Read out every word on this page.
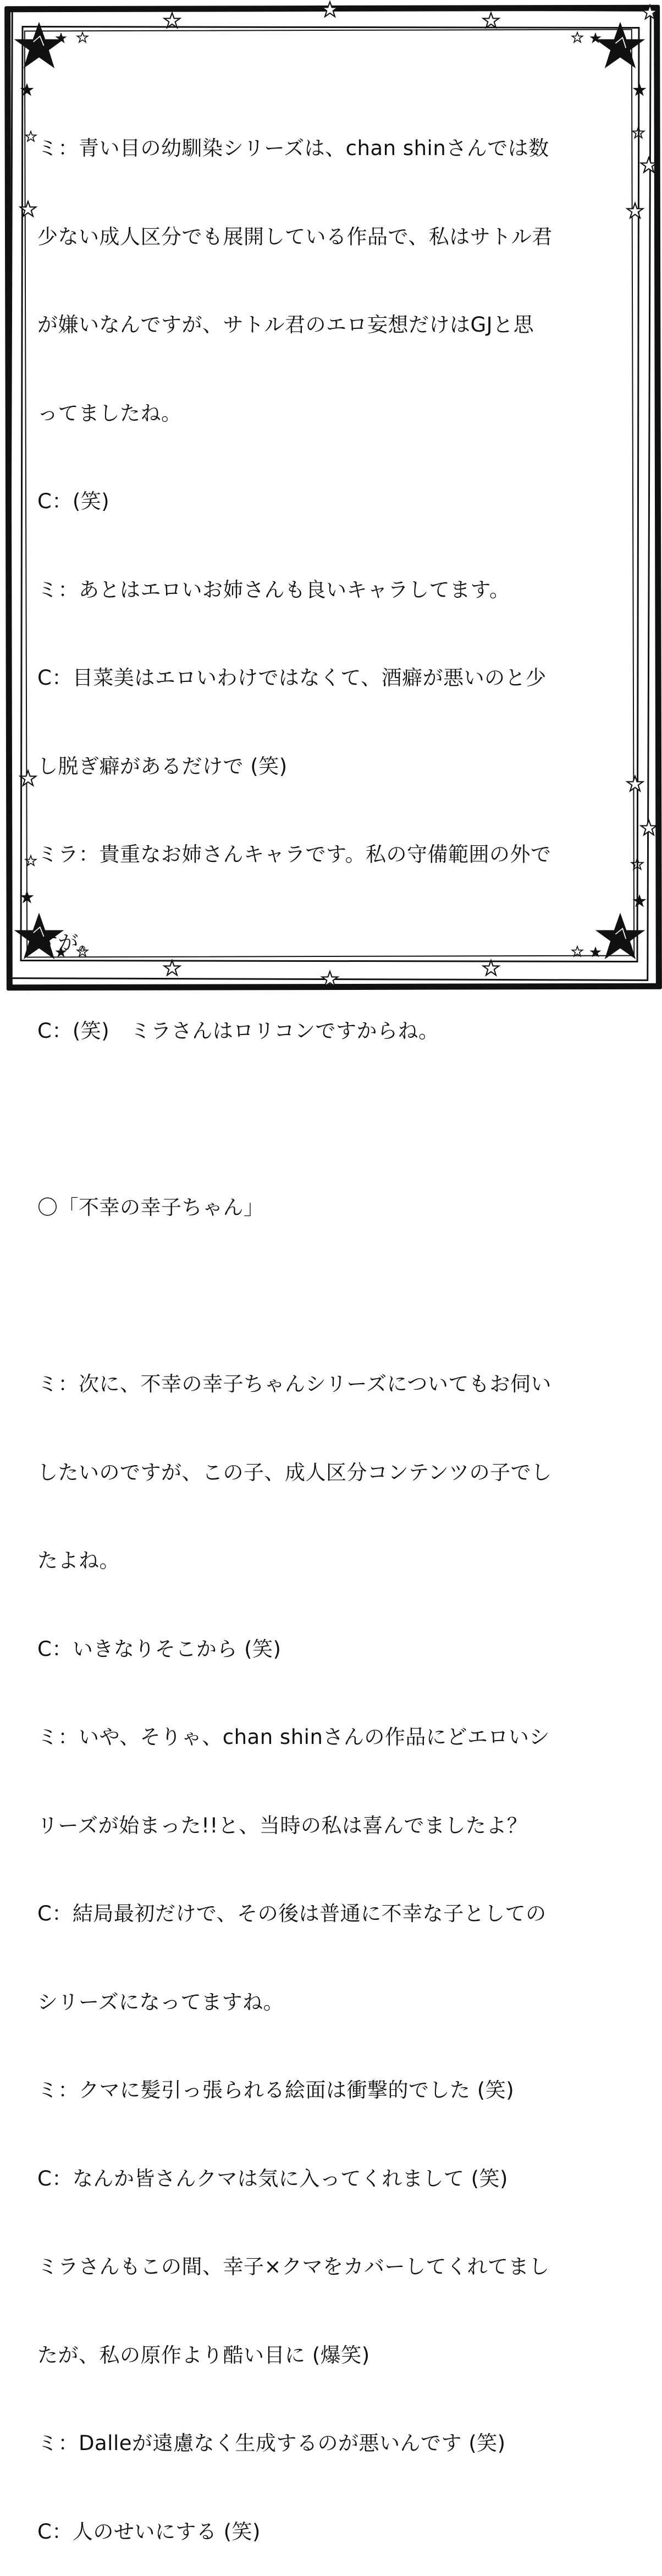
ミ：青い目の幼馴染シリーズは、chan shinさんでは数

少ない成人区分でも展開している作品で、私はサトル君

が嫌いなんですが、サトル君のエロ妄想だけはGJと思

ってましたね。

C：(笑)

ミ：あとはエロいお姉さんも良いキャラしてます。

C：目菜美はエロいわけではなくて、酒癖が悪いのと少

し脱ぎ癖があるだけで (笑)

ミラ：貴重なお姉さんキャラです。私の守備範囲の外で

すが。

C：(笑)　ミラさんはロリコンですからね。

〇「不幸の幸子ちゃん」

ミ：次に、不幸の幸子ちゃんシリーズについてもお伺い

したいのですが、この子、成人区分コンテンツの子でし

たよね。

C：いきなりそこから (笑)

ミ：いや、そりゃ、chan shinさんの作品にどエロいシ

リーズが始まった!!と、当時の私は喜んでましたよ？

C：結局最初だけで、その後は普通に不幸な子としての

シリーズになってますね。

ミ：クマに髪引っ張られる絵面は衝撃的でした (笑)

C：なんか皆さんクマは気に入ってくれまして (笑)

ミラさんもこの間、幸子×クマをカバーしてくれてまし

たが、私の原作より酷い目に (爆笑)

ミ：Dalleが遠慮なく生成するのが悪いんです (笑)

C：人のせいにする (笑)
